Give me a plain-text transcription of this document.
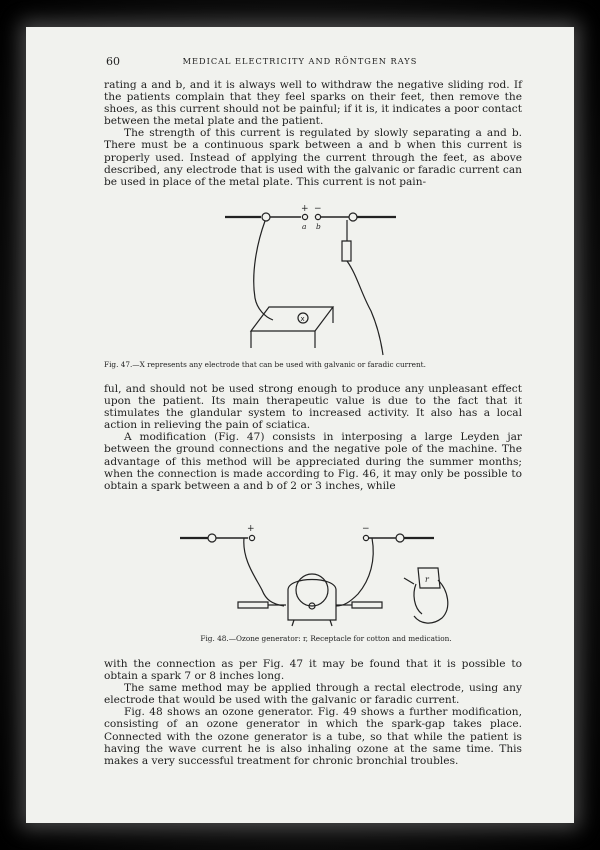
60	MEDICAL ELECTRICITY AND RÖNTGEN RAYS

rating a and b, and it is always well to withdraw the negative sliding rod. If the patients complain that they feel sparks on their feet, then remove the shoes, as this current should not be painful; if it is, it indicates a poor contact between the metal plate and the patient.

The strength of this current is regulated by slowly separating a and b. There must be a continuous spark between a and b when this current is properly used. Instead of applying the current through the feet, as above described, any electrode that is used with the galvanic or faradic current can be used in place of the metal plate. This current is not pain-

+ −
a b
x
Fig. 47.—X represents any electrode that can be used with galvanic or faradic current.

ful, and should not be used strong enough to produce any unpleasant effect upon the patient. Its main therapeutic value is due to the fact that it stimulates the glandular system to increased activity. It also has a local action in relieving the pain of sciatica.

A modification (Fig. 47) consists in interposing a large Leyden jar between the ground connections and the negative pole of the machine. The advantage of this method will be appreciated during the summer months; when the connection is made according to Fig. 46, it may only be possible to obtain a spark between a and b of 2 or 3 inches, while

+	−
r
Fig. 48.—Ozone generator: r, Receptacle for cotton and medication.

with the connection as per Fig. 47 it may be found that it is possible to obtain a spark 7 or 8 inches long.

The same method may be applied through a rectal electrode, using any electrode that would be used with the galvanic or faradic current.

Fig. 48 shows an ozone generator. Fig. 49 shows a further modification, consisting of an ozone generator in which the spark-gap takes place. Connected with the ozone generator is a tube, so that while the patient is having the wave current he is also inhaling ozone at the same time. This makes a very successful treatment for chronic bronchial troubles.
